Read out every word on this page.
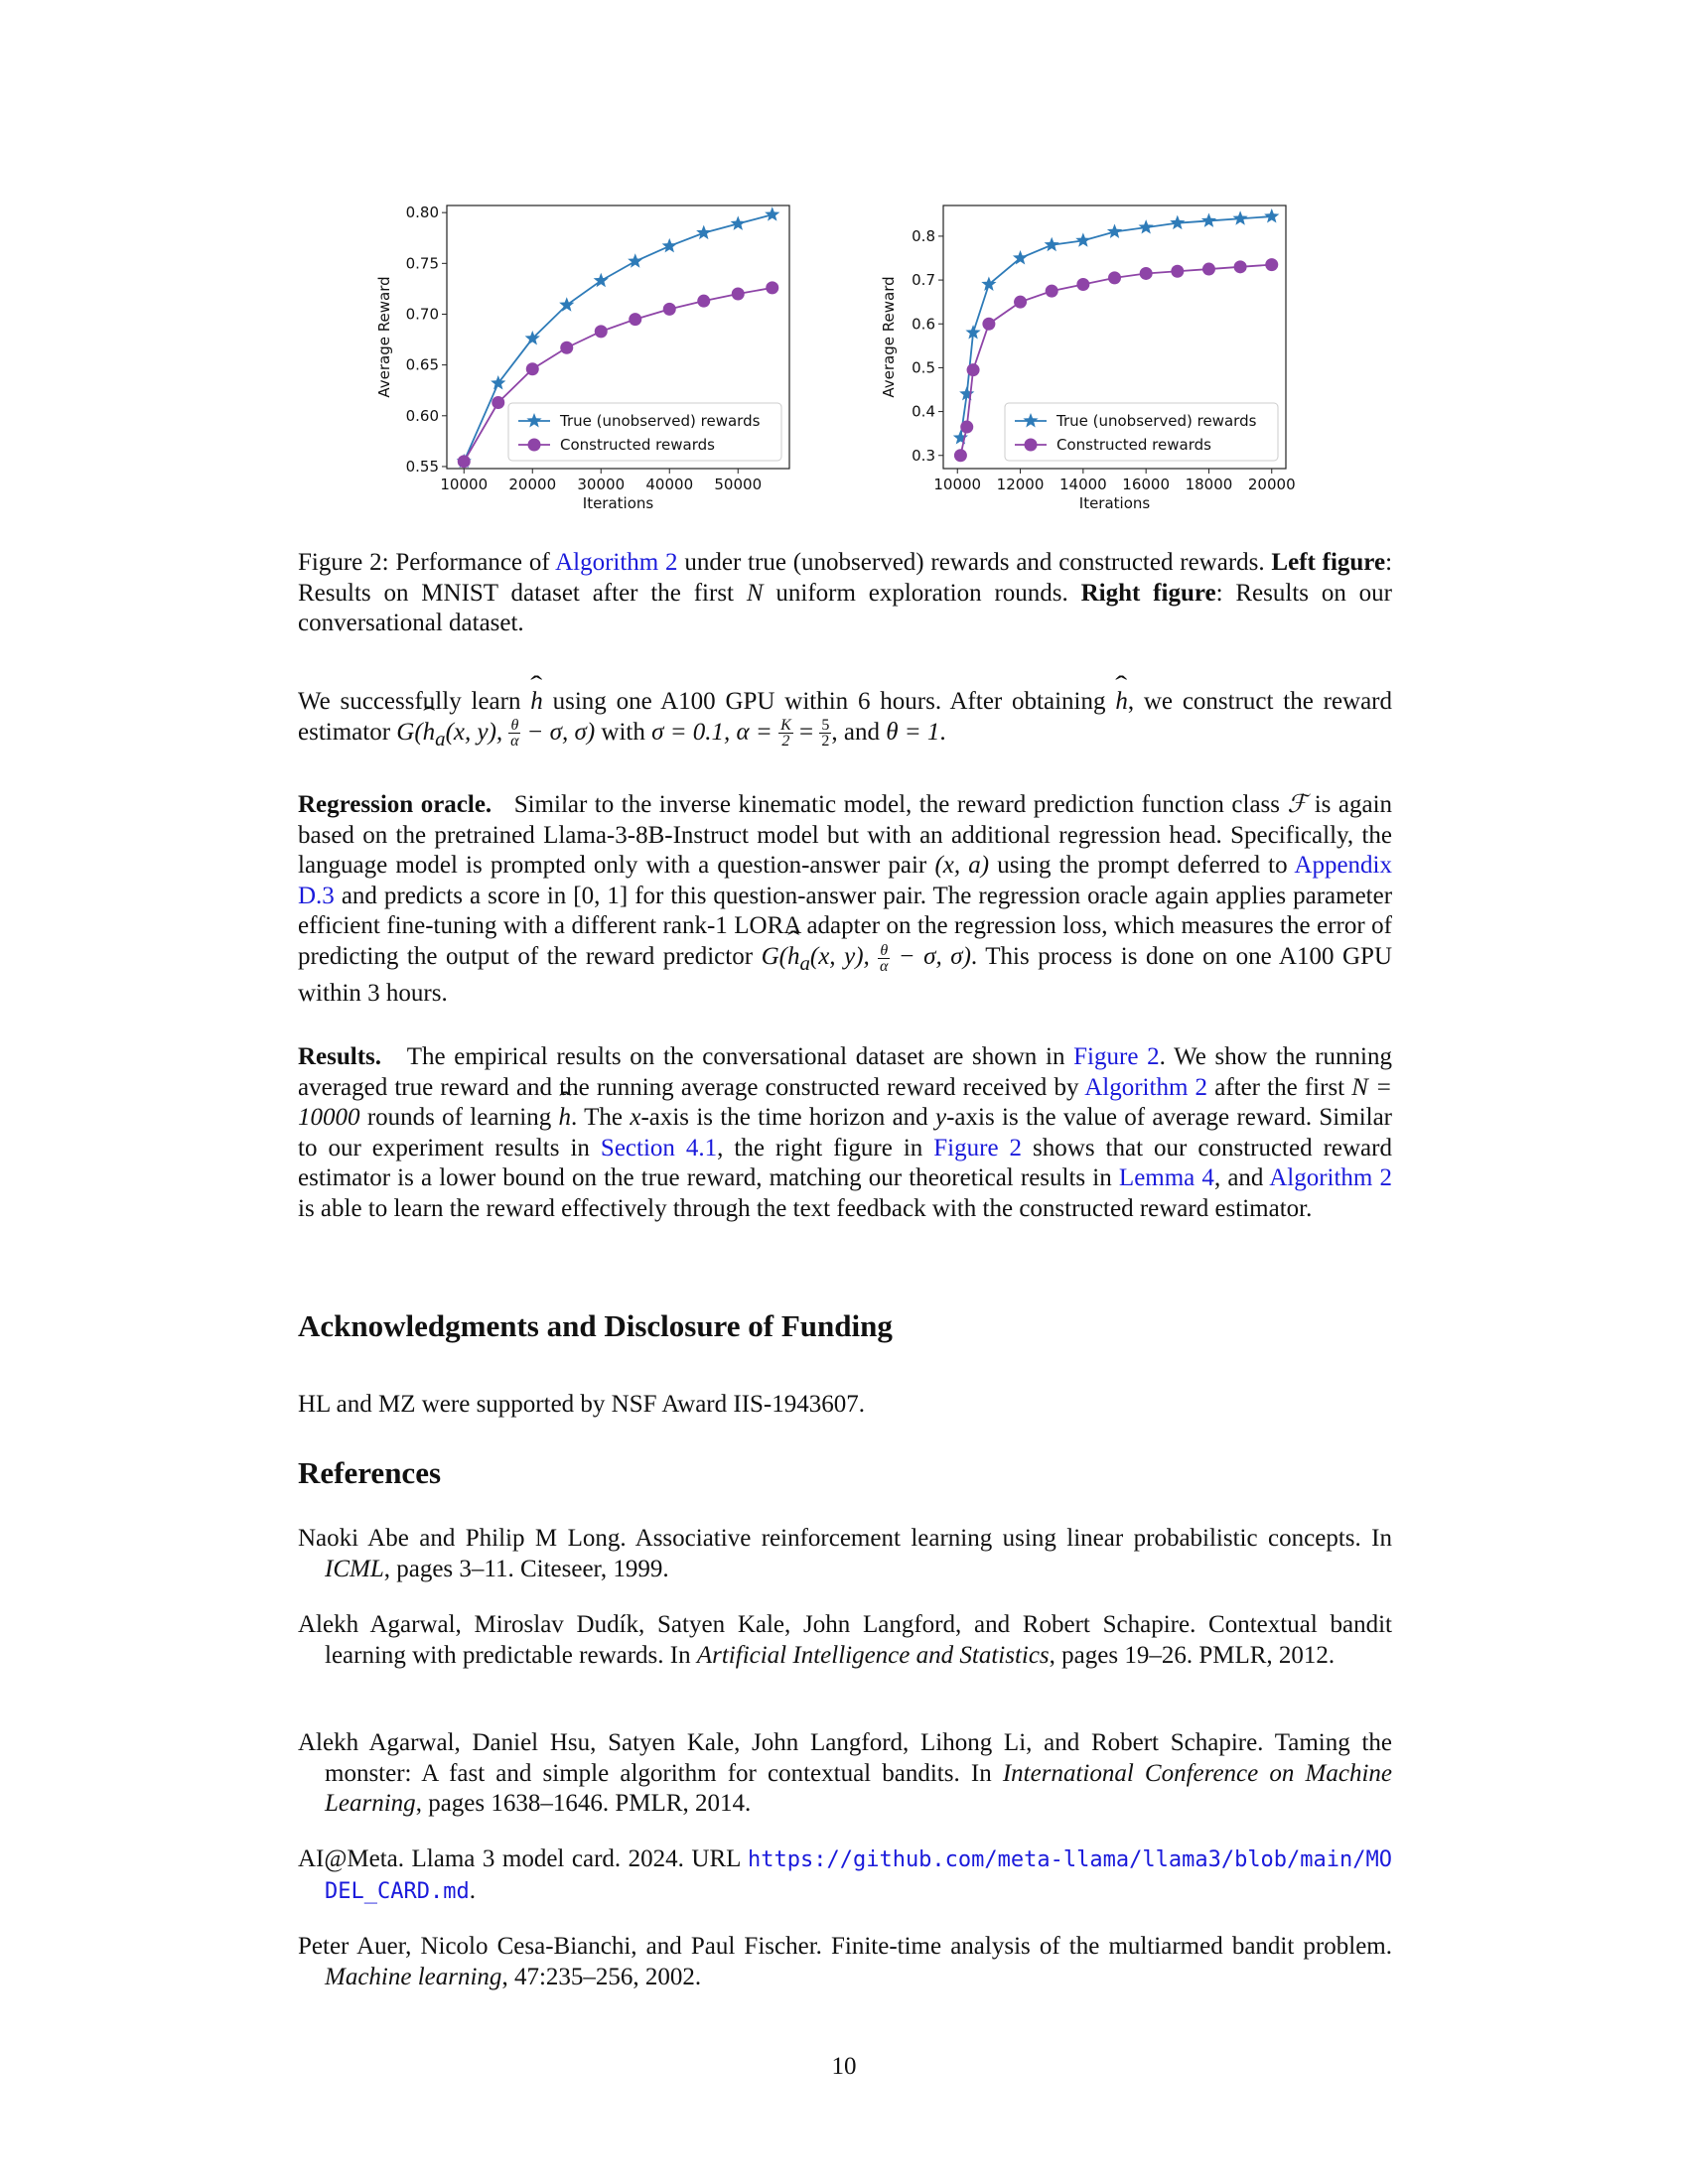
10000 20000 30000 40000 50000
0.55
0.60
0.65
0.70
0.75
0.80
Iterations
Average Reward
True (unobserved) rewards
Constructed rewards
10000 12000 14000 16000 18000 20000
0.3
0.4
0.5
0.6
0.7
0.8
Iterations
Average Reward
True (unobserved) rewards
Constructed rewards

Figure 2: Performance of Algorithm 2 under true (unobserved) rewards and constructed rewards. Left figure: Results on MNIST dataset after the first N uniform exploration rounds. Right figure: Results on our conversational dataset.

We successfully learn ˆ h using one A100 GPU within 6 hours. After obtaining ˆ h, we construct the reward estimator G(ˆ $h_a(x$, y), $\frac{\theta}{\alpha} - \sigma$, σ) with σ = 0.1, $\alpha = \frac{K}{2} = \frac{5}{2}$ , and θ = 1.

Regression oracle. Similar to the inverse kinematic model, the reward prediction function class ℱ is again based on the pretrained Llama-3-8B-Instruct model but with an additional regression head. Specifically, the language model is prompted only with a question-answer pair (x, a) using the prompt deferred to Appendix D.3 and predicts a score in [0, 1] for this question-answer pair. The regression oracle again applies parameter efficient fine-tuning with a different rank-1 LORA adapter on the regression loss, which measures the error of predicting the output of the reward predictor G(ˆ $h_a(x$, y), $\frac{\theta}{\alpha} - \sigma$, σ). This process is done on one A100 GPU within 3 hours.

Results. The empirical results on the conversational dataset are shown in Figure 2. We show the running averaged true reward and the running average constructed reward received by Algorithm 2 after the first N = 10000 rounds of learning ˆ h. The x-axis is the time horizon and y-axis is the value of average reward. Similar to our experiment results in Section 4.1, the right figure in Figure 2 shows that our constructed reward estimator is a lower bound on the true reward, matching our theoretical results in Lemma 4, and Algorithm 2 is able to learn the reward effectively through the text feedback with the constructed reward estimator.

Acknowledgments and Disclosure of Funding

HL and MZ were supported by NSF Award IIS-1943607.

References

Naoki Abe and Philip M Long. Associative reinforcement learning using linear probabilistic concepts. In ICML, pages 3–11. Citeseer, 1999.

Alekh Agarwal, Miroslav Dudík, Satyen Kale, John Langford, and Robert Schapire. Contextual bandit learning with predictable rewards. In Artificial Intelligence and Statistics, pages 19–26. PMLR, 2012.

Alekh Agarwal, Daniel Hsu, Satyen Kale, John Langford, Lihong Li, and Robert Schapire. Taming the monster: A fast and simple algorithm for contextual bandits. In International Conference on Machine Learning, pages 1638–1646. PMLR, 2014.

AI@Meta. Llama 3 model card. 2024. URL https://github.com/meta-llama/llama3/blob/main/MODEL_CARD.md.

Peter Auer, Nicolo Cesa-Bianchi, and Paul Fischer. Finite-time analysis of the multiarmed bandit problem. Machine learning, 47:235–256, 2002.

10
